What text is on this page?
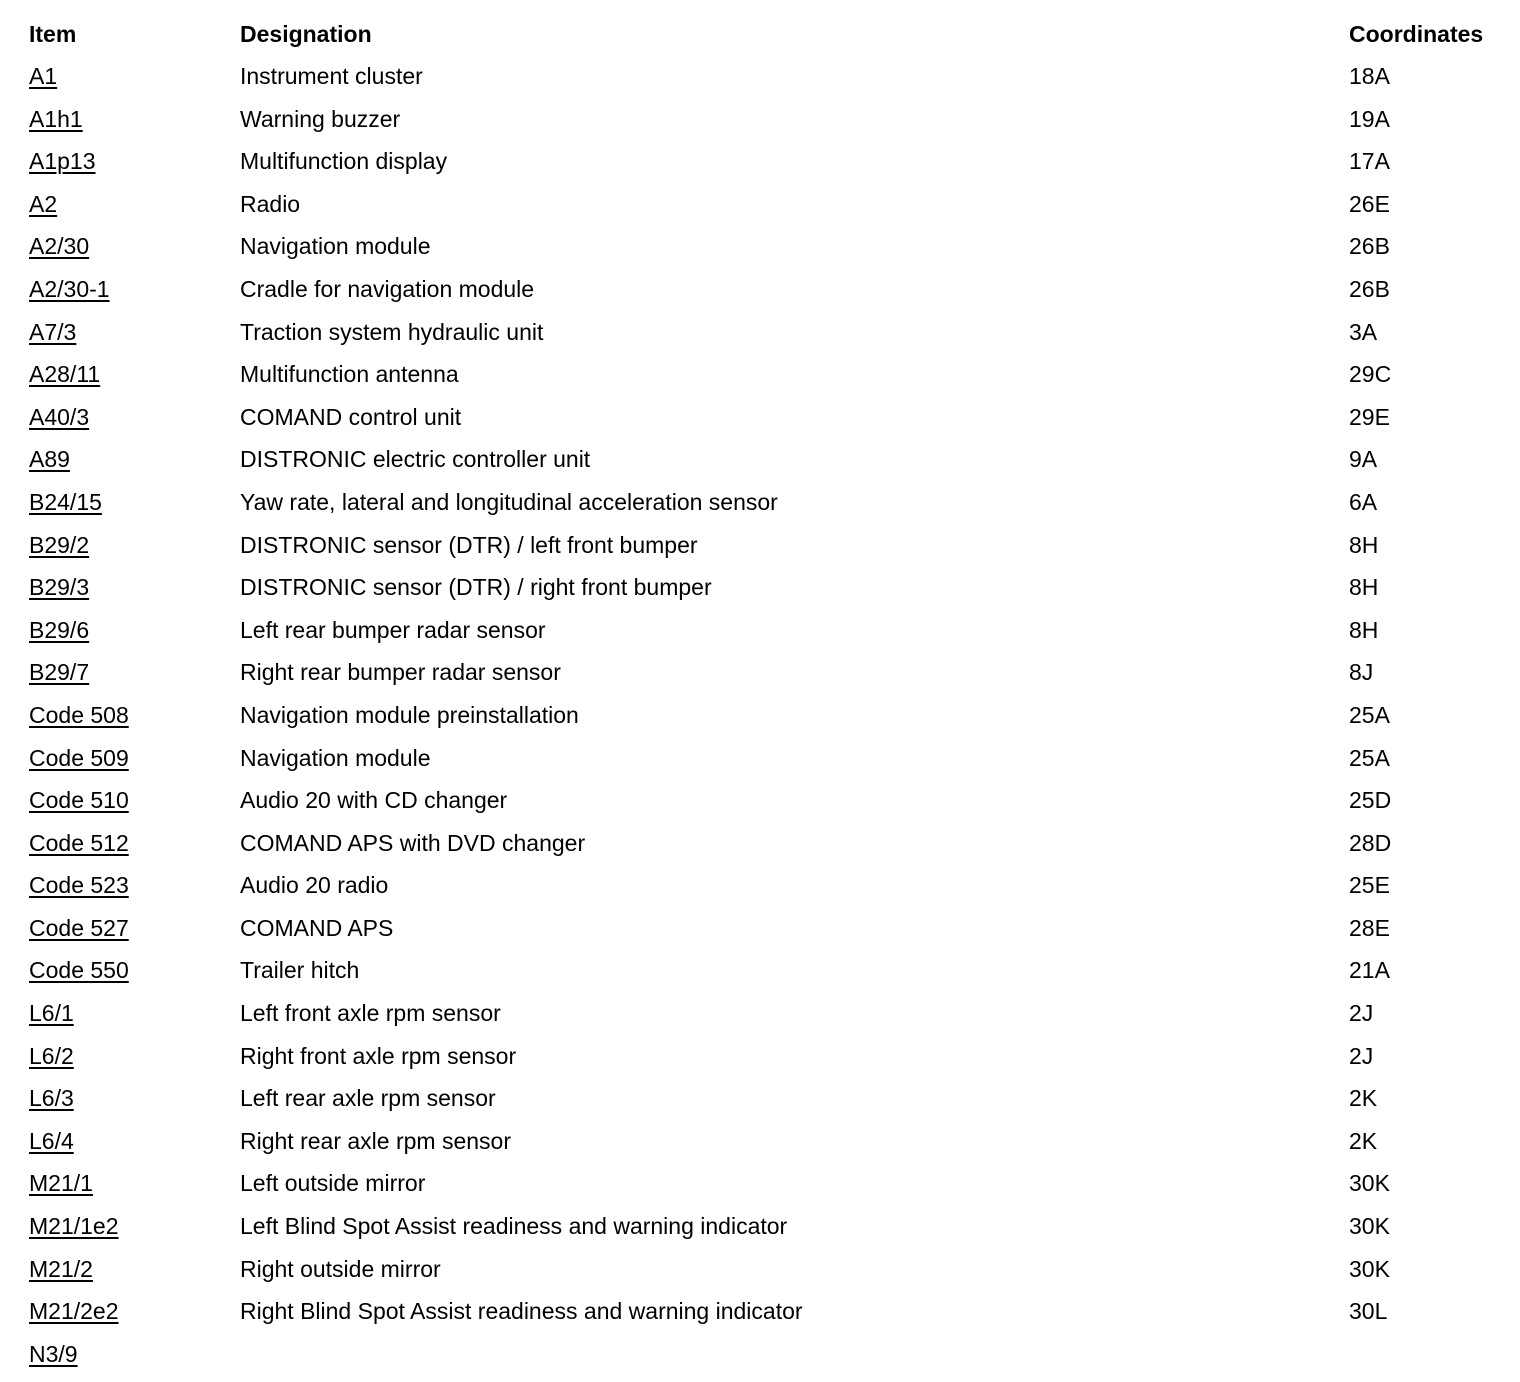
Item	Designation	Coordinates
A1	Instrument cluster	18A
A1h1	Warning buzzer	19A
A1p13	Multifunction display	17A
A2	Radio	26E
A2/30	Navigation module	26B
A2/30-1	Cradle for navigation module	26B
A7/3	Traction system hydraulic unit	3A
A28/11	Multifunction antenna	29C
A40/3	COMAND control unit	29E
A89	DISTRONIC electric controller unit	9A
B24/15	Yaw rate, lateral and longitudinal acceleration sensor	6A
B29/2	DISTRONIC sensor (DTR) / left front bumper	8H
B29/3	DISTRONIC sensor (DTR) / right front bumper	8H
B29/6	Left rear bumper radar sensor	8H
B29/7	Right rear bumper radar sensor	8J
Code 508	Navigation module preinstallation	25A
Code 509	Navigation module	25A
Code 510	Audio 20 with CD changer	25D
Code 512	COMAND APS with DVD changer	28D
Code 523	Audio 20 radio	25E
Code 527	COMAND APS	28E
Code 550	Trailer hitch	21A
L6/1	Left front axle rpm sensor	2J
L6/2	Right front axle rpm sensor	2J
L6/3	Left rear axle rpm sensor	2K
L6/4	Right rear axle rpm sensor	2K
M21/1	Left outside mirror	30K
M21/1e2	Left Blind Spot Assist readiness and warning indicator	30K
M21/2	Right outside mirror	30K
M21/2e2	Right Blind Spot Assist readiness and warning indicator	30L
N3/9
